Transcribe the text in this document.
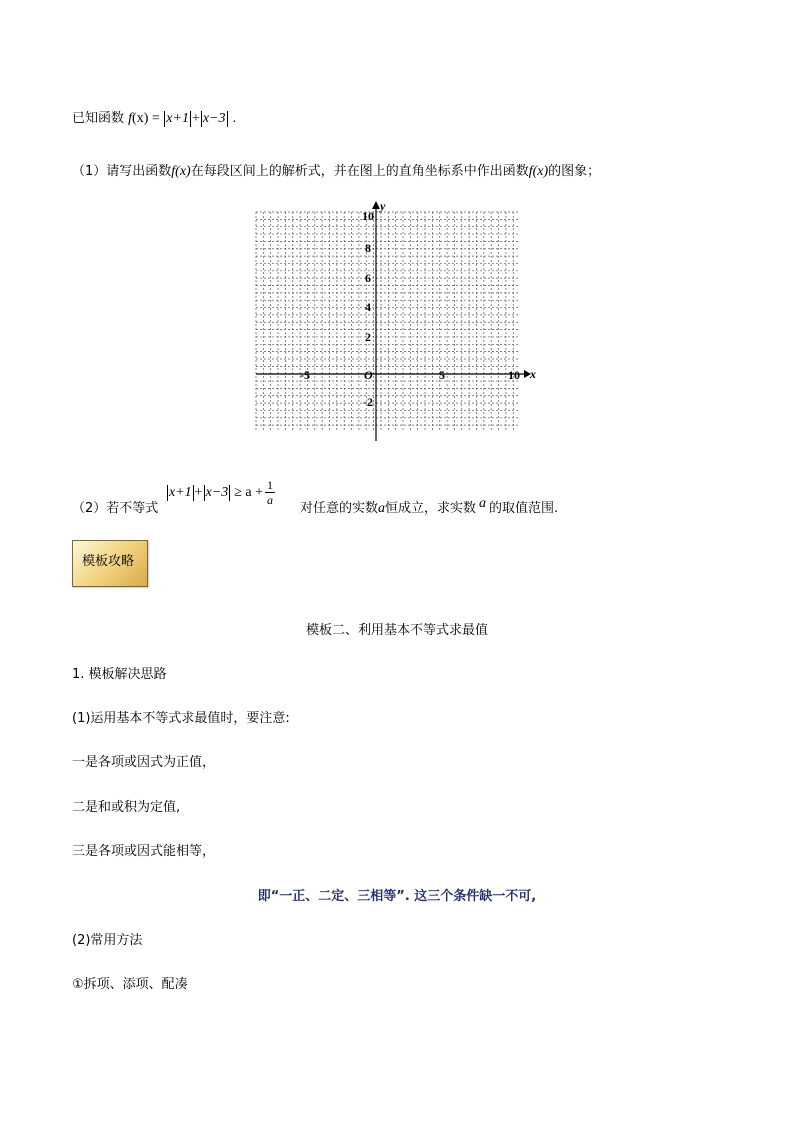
已知函数 f(x) = x+1 + x−3 .
（1）请写出函数f(x)在每段区间上的解析式，并在图上的直角坐标系中作出函数f(x)的图象；
x
y
O
-5	5	10
10
8
6
4
2
-2
（2）若不等式
$x+1 + x-3 \ge a + \frac{1}{a}$
对任意的实数a恒成立，求实数 a 的取值范围.
模板攻略
模板二、利用基本不等式求最值
1. 模板解决思路
(1)运用基本不等式求最值时，要注意:
一是各项或因式为正值，
二是和或积为定值,
三是各项或因式能相等，
即“一正、二定、三相等”. 这三个条件缺一不可,
(2)常用方法
①拆项、添项、配凑
